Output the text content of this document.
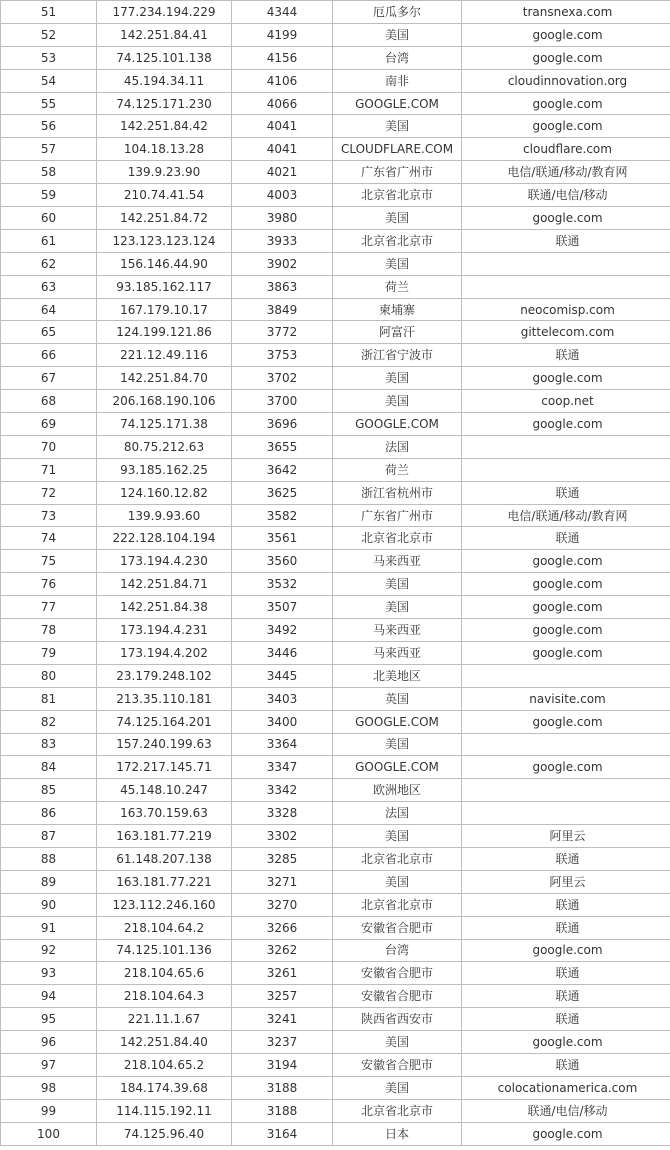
51	177.234.194.229	4344	厄瓜多尔	transnexa.com
52	142.251.84.41	4199	美国	google.com
53	74.125.101.138	4156	台湾	google.com
54	45.194.34.11	4106	南非	cloudinnovation.org
55	74.125.171.230	4066	GOOGLE.COM	google.com
56	142.251.84.42	4041	美国	google.com
57	104.18.13.28	4041	CLOUDFLARE.COM	cloudflare.com
58	139.9.23.90	4021	广东省广州市	电信/联通/移动/教育网
59	210.74.41.54	4003	北京省北京市	联通/电信/移动
60	142.251.84.72	3980	美国	google.com
61	123.123.123.124	3933	北京省北京市	联通
62	156.146.44.90	3902	美国	
63	93.185.162.117	3863	荷兰	
64	167.179.10.17	3849	柬埔寨	neocomisp.com
65	124.199.121.86	3772	阿富汗	gittelecom.com
66	221.12.49.116	3753	浙江省宁波市	联通
67	142.251.84.70	3702	美国	google.com
68	206.168.190.106	3700	美国	coop.net
69	74.125.171.38	3696	GOOGLE.COM	google.com
70	80.75.212.63	3655	法国	
71	93.185.162.25	3642	荷兰	
72	124.160.12.82	3625	浙江省杭州市	联通
73	139.9.93.60	3582	广东省广州市	电信/联通/移动/教育网
74	222.128.104.194	3561	北京省北京市	联通
75	173.194.4.230	3560	马来西亚	google.com
76	142.251.84.71	3532	美国	google.com
77	142.251.84.38	3507	美国	google.com
78	173.194.4.231	3492	马来西亚	google.com
79	173.194.4.202	3446	马来西亚	google.com
80	23.179.248.102	3445	北美地区	
81	213.35.110.181	3403	英国	navisite.com
82	74.125.164.201	3400	GOOGLE.COM	google.com
83	157.240.199.63	3364	美国	
84	172.217.145.71	3347	GOOGLE.COM	google.com
85	45.148.10.247	3342	欧洲地区	
86	163.70.159.63	3328	法国	
87	163.181.77.219	3302	美国	阿里云
88	61.148.207.138	3285	北京省北京市	联通
89	163.181.77.221	3271	美国	阿里云
90	123.112.246.160	3270	北京省北京市	联通
91	218.104.64.2	3266	安徽省合肥市	联通
92	74.125.101.136	3262	台湾	google.com
93	218.104.65.6	3261	安徽省合肥市	联通
94	218.104.64.3	3257	安徽省合肥市	联通
95	221.11.1.67	3241	陕西省西安市	联通
96	142.251.84.40	3237	美国	google.com
97	218.104.65.2	3194	安徽省合肥市	联通
98	184.174.39.68	3188	美国	colocationamerica.com
99	114.115.192.11	3188	北京省北京市	联通/电信/移动
100	74.125.96.40	3164	日本	google.com
